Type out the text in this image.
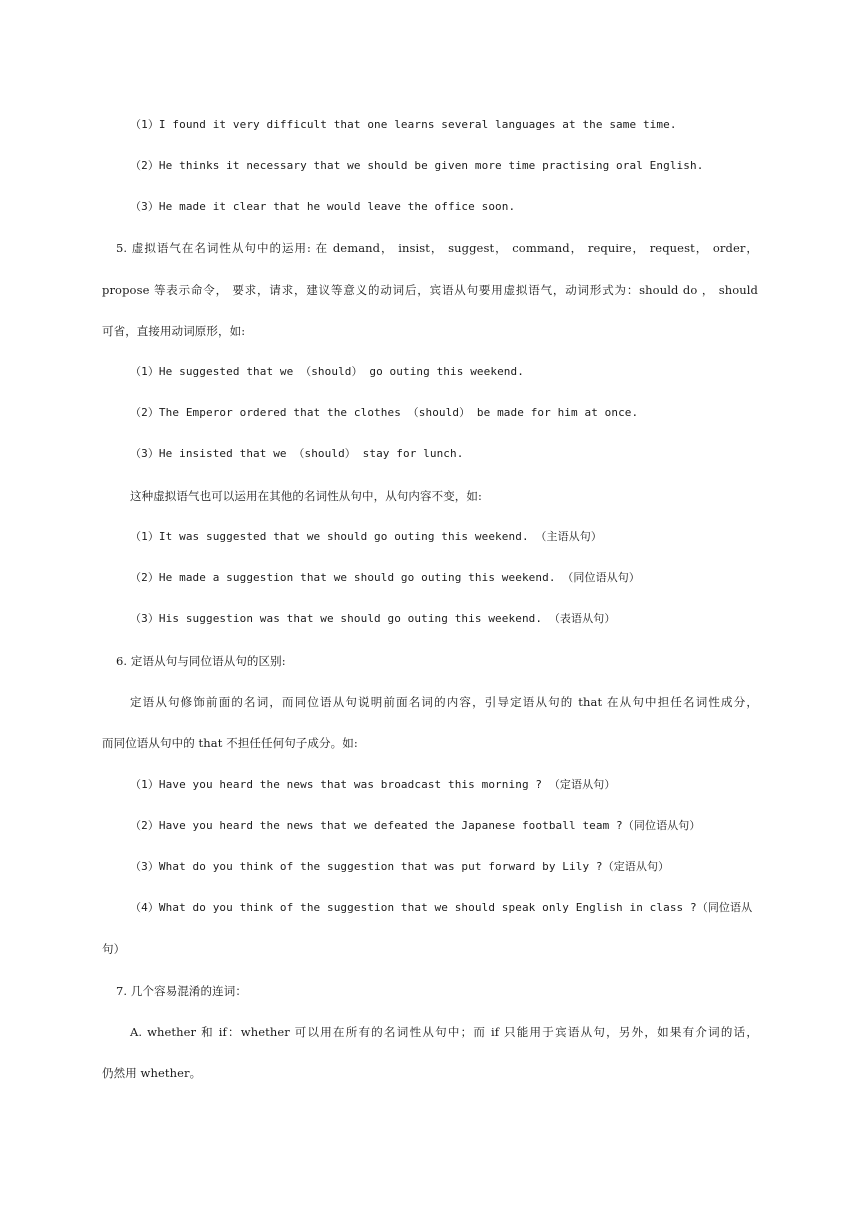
（1）I found it very difficult that one learns several languages at the same time.
（2）He thinks it necessary that we should be given more time practising oral English.
（3）He made it clear that he would leave the office soon.
5. 虚拟语气在名词性从句中的运用: 在 demand， insist， suggest， command， require， request， order，
propose 等表示命令， 要求，请求，建议等意义的动词后，宾语从句要用虚拟语气，动词形式为：should do ， should
可省，直接用动词原形，如:
（1）He suggested that we （should） go outing this weekend.
（2）The Emperor ordered that the clothes （should） be made for him at once.
（3）He insisted that we （should） stay for lunch.
这种虚拟语气也可以运用在其他的名词性从句中，从句内容不变，如:
（1）It was suggested that we should go outing this weekend. （主语从句）
（2）He made a suggestion that we should go outing this weekend. （同位语从句）
（3）His suggestion was that we should go outing this weekend. （表语从句）
6. 定语从句与同位语从句的区别:
定语从句修饰前面的名词，而同位语从句说明前面名词的内容，引导定语从句的 that 在从句中担任名词性成分，
而同位语从句中的 that 不担任任何句子成分。如:
（1）Have you heard the news that was broadcast this morning ? （定语从句）
（2）Have you heard the news that we defeated the Japanese football team ?（同位语从句）
（3）What do you think of the suggestion that was put forward by Lily ?（定语从句）
（4）What do you think of the suggestion that we should speak only English in class ?（同位语从
句）
7. 几个容易混淆的连词：
A. whether 和 if：whether 可以用在所有的名词性从句中；而 if 只能用于宾语从句，另外，如果有介词的话，
仍然用 whether。
